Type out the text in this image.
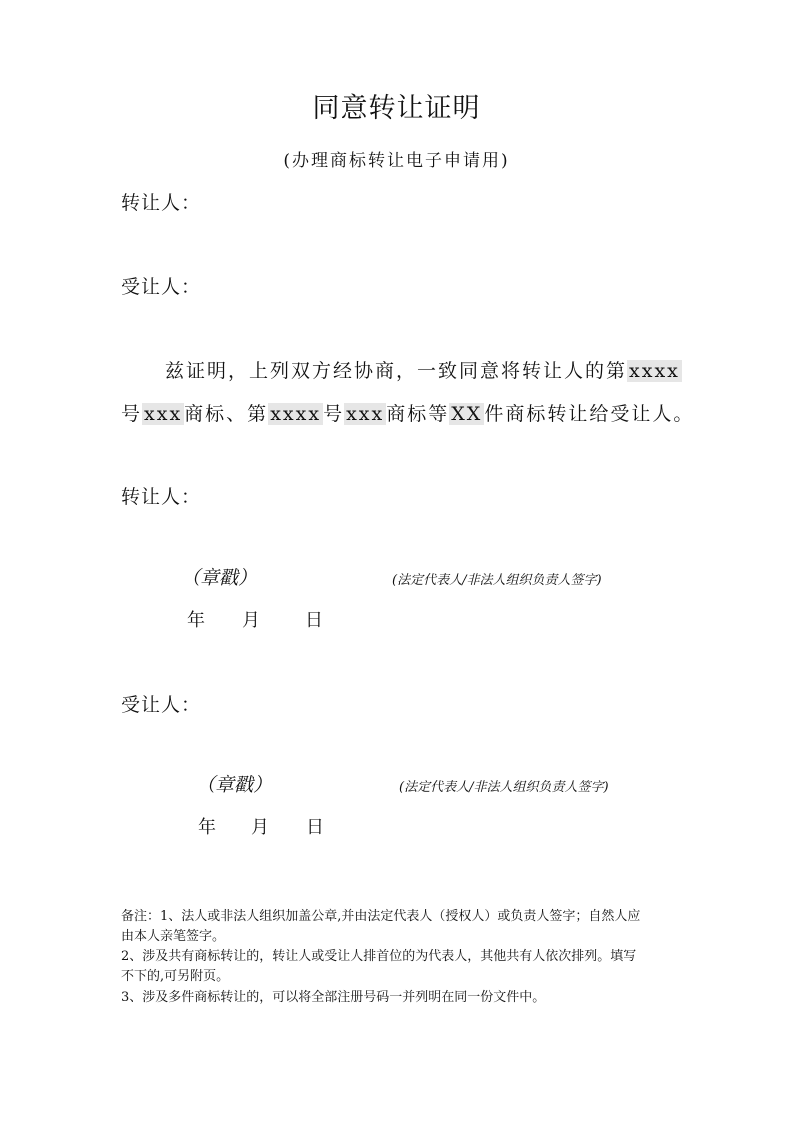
同意转让证明
(办理商标转让电子申请用)
转让人：
受让人：
兹证明，上列双方经协商，一致同意将转让人的第 xxxx
号 xxx 商标、第 xxxx 号 xxx 商标等 XX 件商标转让给受让人。
转让人：
（章戳）	(法定代表人/非法人组织负责人签字)
年 月	日
受让人：
（章戳）	(法定代表人/非法人组织负责人签字)
年 月 日
备注：1、法人或非法人组织加盖公章,并由法定代表人（授权人）或负责人签字；自然人应
由本人亲笔签字。
2、涉及共有商标转让的，转让人或受让人排首位的为代表人，其他共有人依次排列。填写
不下的,可另附页。
3、涉及多件商标转让的，可以将全部注册号码一并列明在同一份文件中。
